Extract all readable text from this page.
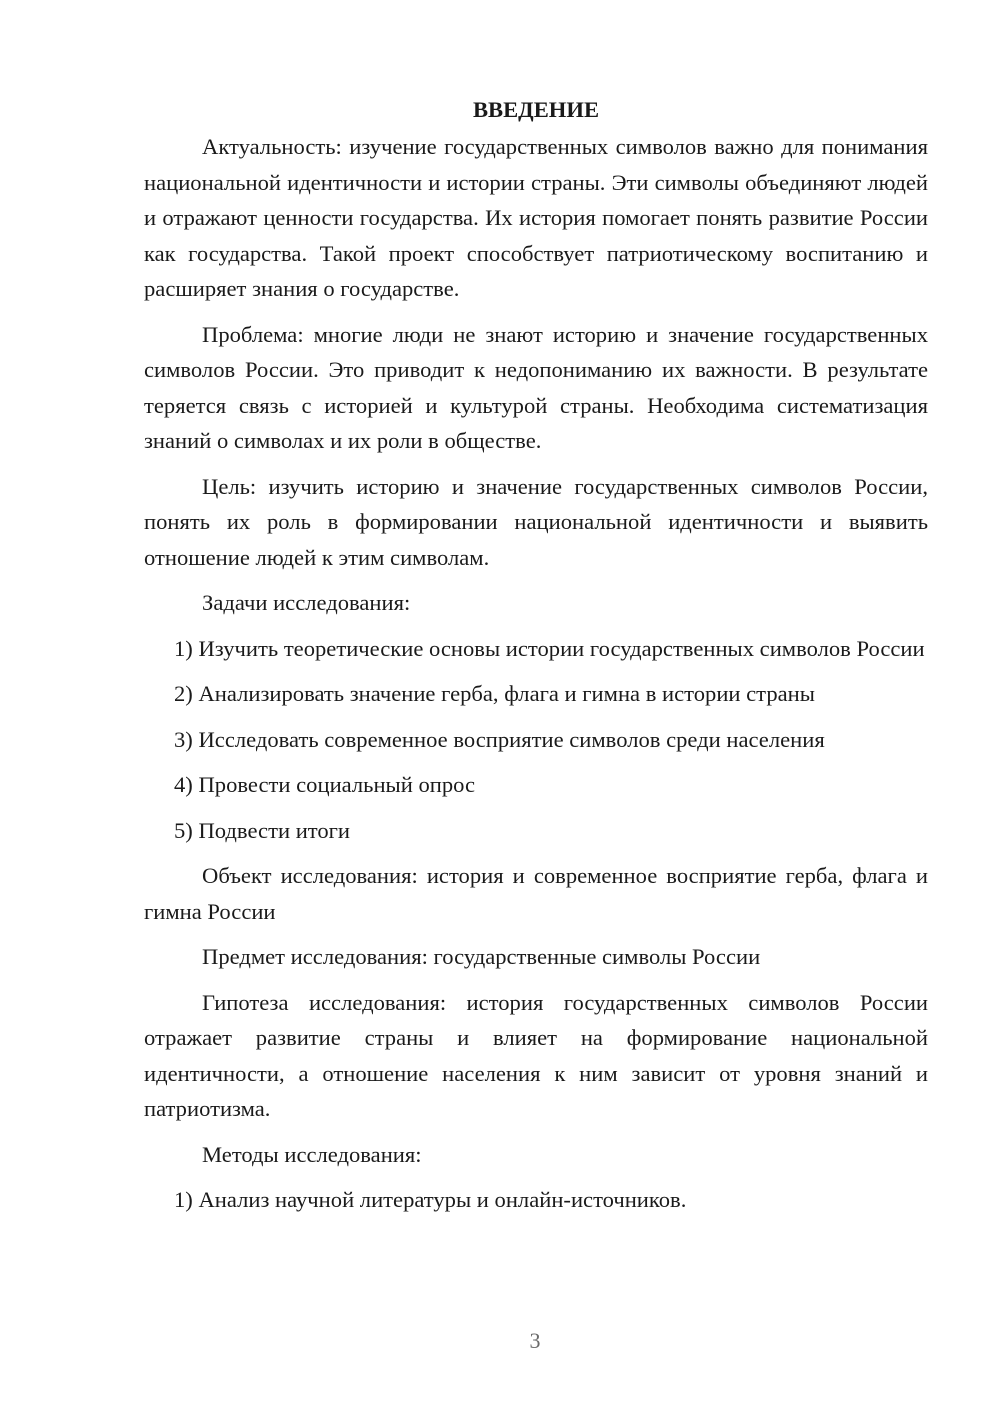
ВВЕДЕНИЕ

Актуальность: изучение государственных символов важно для понимания национальной идентичности и истории страны. Эти символы объединяют людей и отражают ценности государства. Их история помогает понять развитие России как государства. Такой проект способствует патриотическому воспитанию и расширяет знания о государстве.

Проблема: многие люди не знают историю и значение государственных символов России. Это приводит к недопониманию их важности. В результате теряется связь с историей и культурой страны. Необходима систематизация знаний о символах и их роли в обществе.

Цель: изучить историю и значение государственных символов России, понять их роль в формировании национальной идентичности и выявить отношение людей к этим символам.

Задачи исследования:

1) Изучить теоретические основы истории государственных символов России

2) Анализировать значение герба, флага и гимна в истории страны

3) Исследовать современное восприятие символов среди населения

4) Провести социальный опрос

5) Подвести итоги

Объект исследования: история и современное восприятие герба, флага и гимна России

Предмет исследования: государственные символы России

Гипотеза исследования: история государственных символов России отражает развитие страны и влияет на формирование национальной идентичности, а отношение населения к ним зависит от уровня знаний и патриотизма.

Методы исследования:

1) Анализ научной литературы и онлайн-источников.

3
